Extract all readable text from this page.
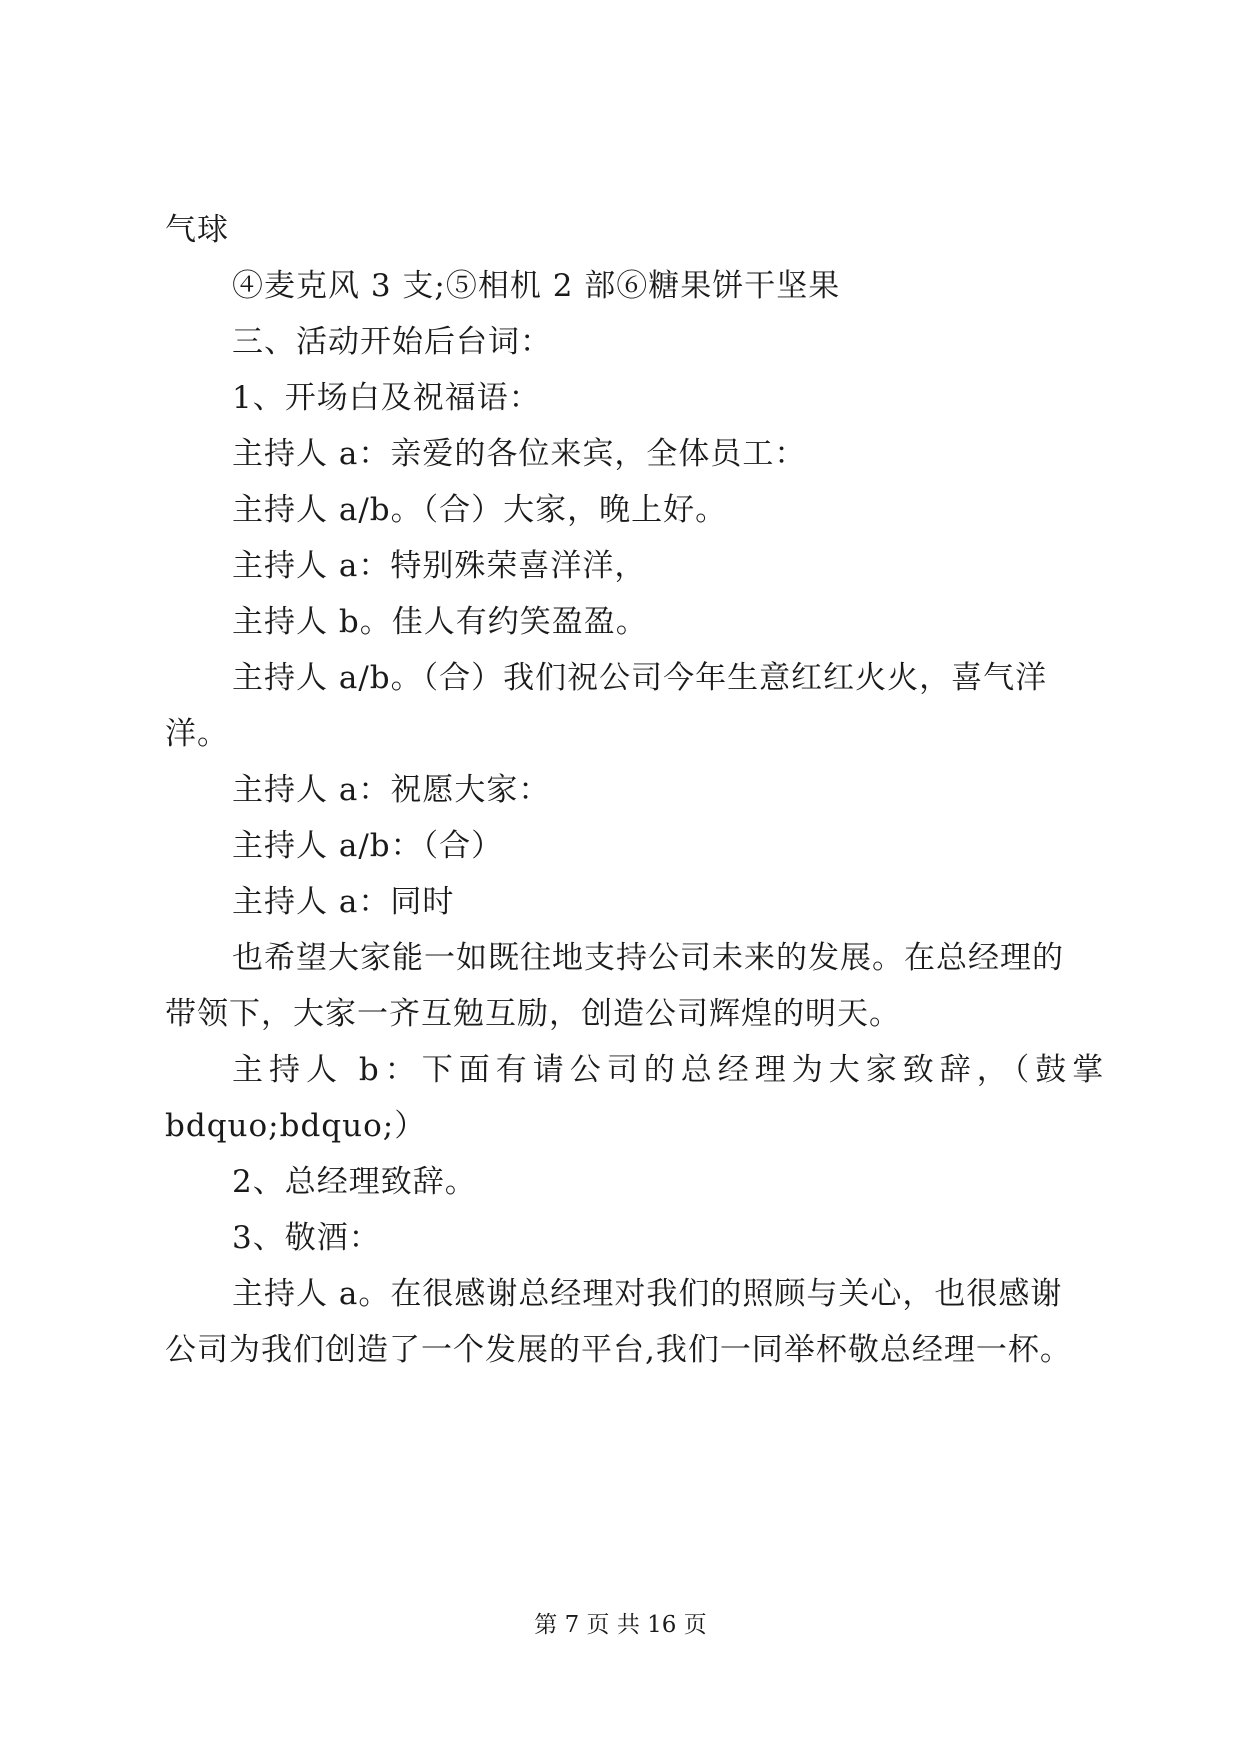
气球
④麦克风 3 支;⑤相机 2 部⑥糖果饼干坚果
三、活动开始后台词：
1、开场白及祝福语：
主持人 a：亲爱的各位来宾，全体员工：
主持人 a/b。（合）大家，晚上好。
主持人 a：特别殊荣喜洋洋，
主持人 b。佳人有约笑盈盈。
主持人 a/b。（合）我们祝公司今年生意红红火火，喜气洋
洋。
主持人 a：祝愿大家：
主持人 a/b：（合）
主持人 a：同时
也希望大家能一如既往地支持公司未来的发展。在总经理的
带领下，大家一齐互勉互励，创造公司辉煌的明天。
主持人 b：下面有请公司的总经理为大家致辞，（鼓掌
bdquo;bdquo;）
2、总经理致辞。
3、敬酒：
主持人 a。在很感谢总经理对我们的照顾与关心，也很感谢
公司为我们创造了一个发展的平台,我们一同举杯敬总经理一杯。
第 7 页 共 16 页
